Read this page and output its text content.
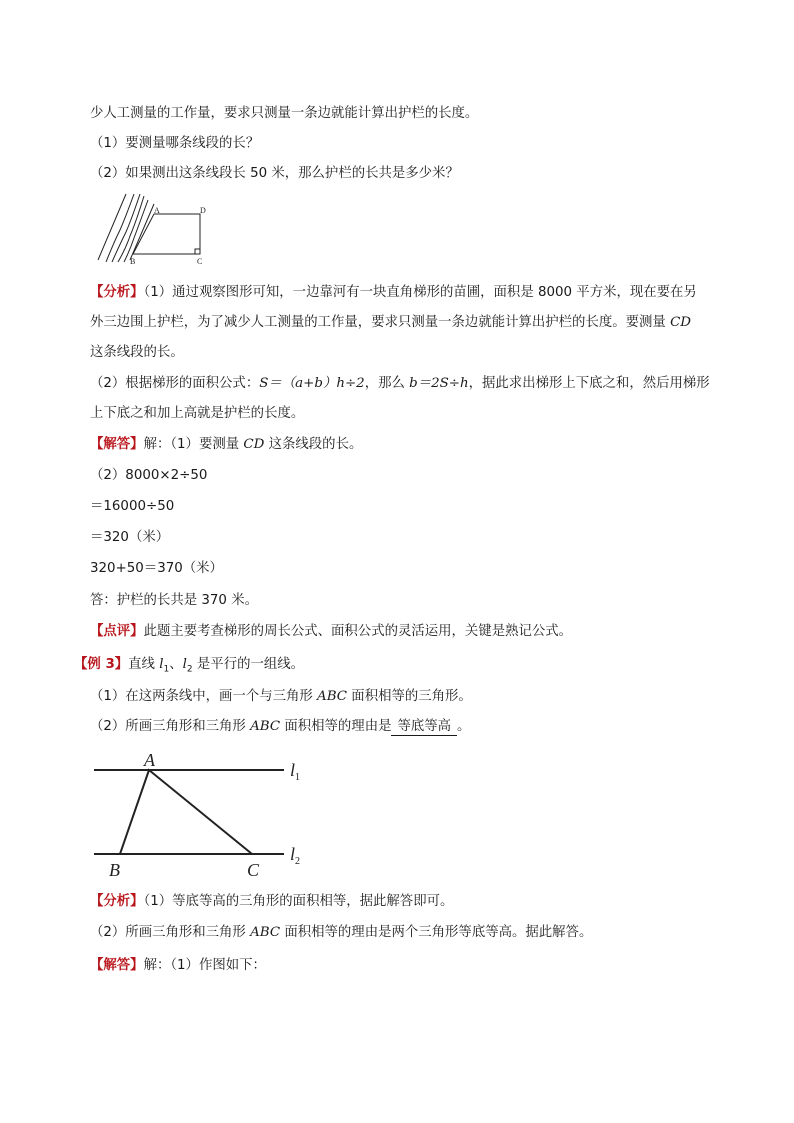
少人工测量的工作量，要求只测量一条边就能计算出护栏的长度。
（1）要测量哪条线段的长？
（2）如果测出这条线段长 50 米，那么护栏的长共是多少米？
A	D
B	C
【分析】（1）通过观察图形可知，一边靠河有一块直角梯形的苗圃，面积是 8000 平方米，现在要在另
外三边围上护栏，为了减少人工测量的工作量，要求只测量一条边就能计算出护栏的长度。要测量 CD
这条线段的长。
（2）根据梯形的面积公式：S＝（a+b）h÷2，那么 b＝2S÷h，据此求出梯形上下底之和，然后用梯形
上下底之和加上高就是护栏的长度。
【解答】解：（1）要测量 CD 这条线段的长。
（2）8000×2÷50
＝16000÷50
＝320（米）
320+50＝370（米）
答：护栏的长共是 370 米。
【点评】此题主要考查梯形的周长公式、面积公式的灵活运用，关键是熟记公式。
【例 3】直线 $l_1$、$l_2$ 是平行的一组线。
（1）在这两条线中，画一个与三角形 ABC 面积相等的三角形。
（2）所画三角形和三角形 ABC 面积相等的理由是 等底等高 。
A
B	C
$l_1$
$l_2$
【分析】（1）等底等高的三角形的面积相等，据此解答即可。
（2）所画三角形和三角形 ABC 面积相等的理由是两个三角形等底等高。据此解答。
【解答】解：（1）作图如下：
